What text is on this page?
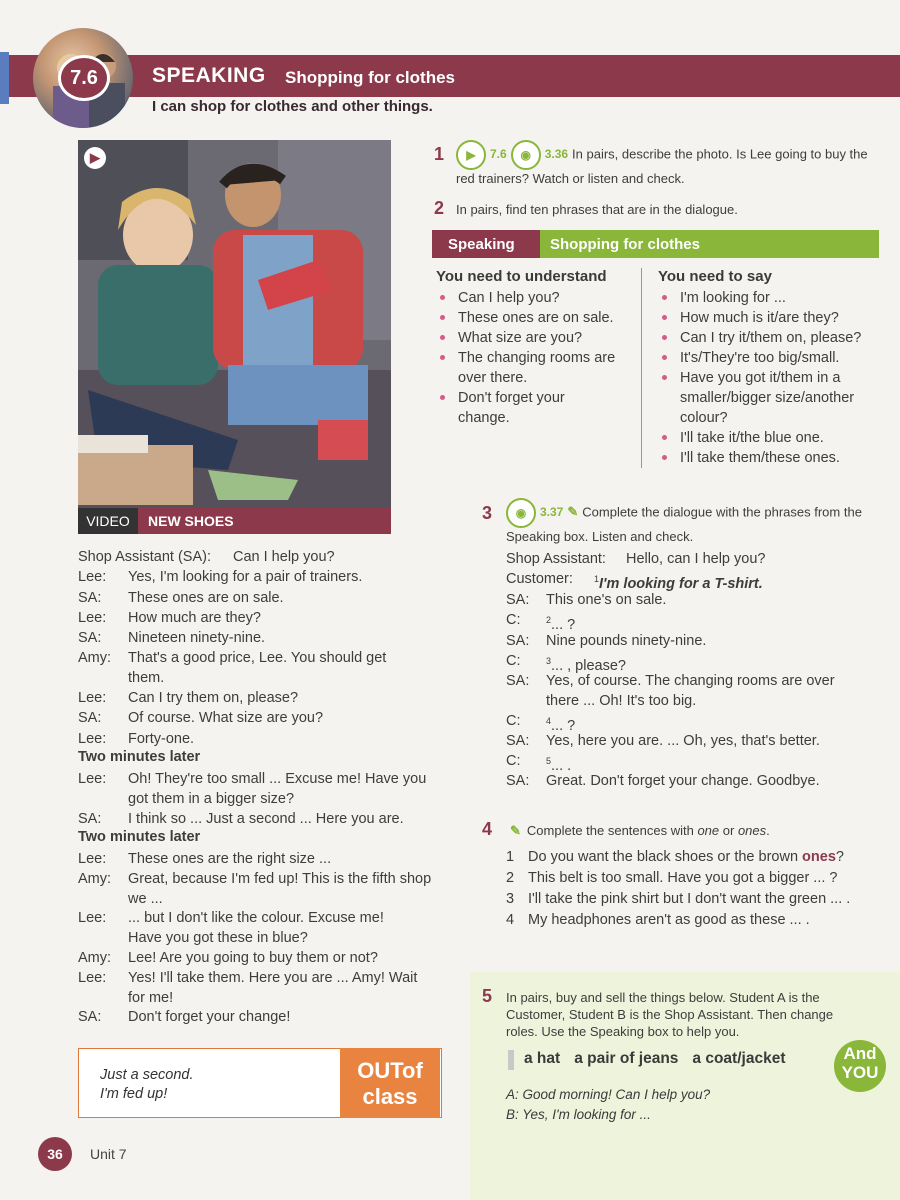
7.6	SPEAKING Shopping for clothes
I can shop for clothes and other things.
▶
VIDEO	NEW SHOES
Shop Assistant (SA): Can I help you?
Lee: Yes, I'm looking for a pair of trainers.
SA: These ones are on sale.
Lee: How much are they?
SA: Nineteen ninety-nine.
Amy: That's a good price, Lee. You should get them.
Lee: Can I try them on, please?
SA: Of course. What size are you?
Lee: Forty-one.
Two minutes later
Lee: Oh! They're too small ... Excuse me! Have you got them in a bigger size?
SA: I think so ... Just a second ... Here you are.
Two minutes later
Lee: These ones are the right size ...
Amy: Great, because I'm fed up! This is the fifth shop we ...
Lee: ... but I don't like the colour. Excuse me! Have you got these in blue?
Amy: Lee! Are you going to buy them or not?
Lee: Yes! I'll take them. Here you are ... Amy! Wait for me!
SA: Don't forget your change!
Just a second.
I'm fed up!
OUTof
class
36	Unit 7
1	▶ 7.6 ◉ 3.36 In pairs, describe the photo. Is Lee going to buy the red trainers? Watch or listen and check.
2 In pairs, find ten phrases that are in the dialogue.
Speaking Shopping for clothes
You need to understand
Can I help you?
These ones are on sale.
What size are you?
The changing rooms are over there.
Don't forget your change.
You need to say
I'm looking for ...
How much is it/are they?
Can I try it/them on, please?
It's/They're too big/small.
Have you got it/them in a smaller/bigger size/another colour?
I'll take it/the blue one.
I'll take them/these ones.
3	◉ 3.37 ✎ Complete the dialogue with the phrases from the Speaking box. Listen and check.
Shop Assistant: Hello, can I help you?
Customer: $^1$I'm looking for a T-shirt.
SA: This one's on sale.
C:	$^2$... ?
SA: Nine pounds ninety-nine.
C:	$^3$... , please?
SA: Yes, of course. The changing rooms are over there ... Oh! It's too big.
C:	$^4$... ?
SA: Yes, here you are. ... Oh, yes, that's better.
C:	$^5$... .
SA: Great. Don't forget your change. Goodbye.
4 ✎ Complete the sentences with one or ones.
1 Do you want the black shoes or the brown ones?
2 This belt is too small. Have you got a bigger ... ?
3 I'll take the pink shirt but I don't want the green ... .
4 My headphones aren't as good as these ... .
5 In pairs, buy and sell the things below. Student A is the Customer, Student B is the Shop Assistant. Then change roles. Use the Speaking box to help you.
a hat a pair of jeans a coat/jacket	And
YOU
A: Good morning! Can I help you?
B: Yes, I'm looking for ...
